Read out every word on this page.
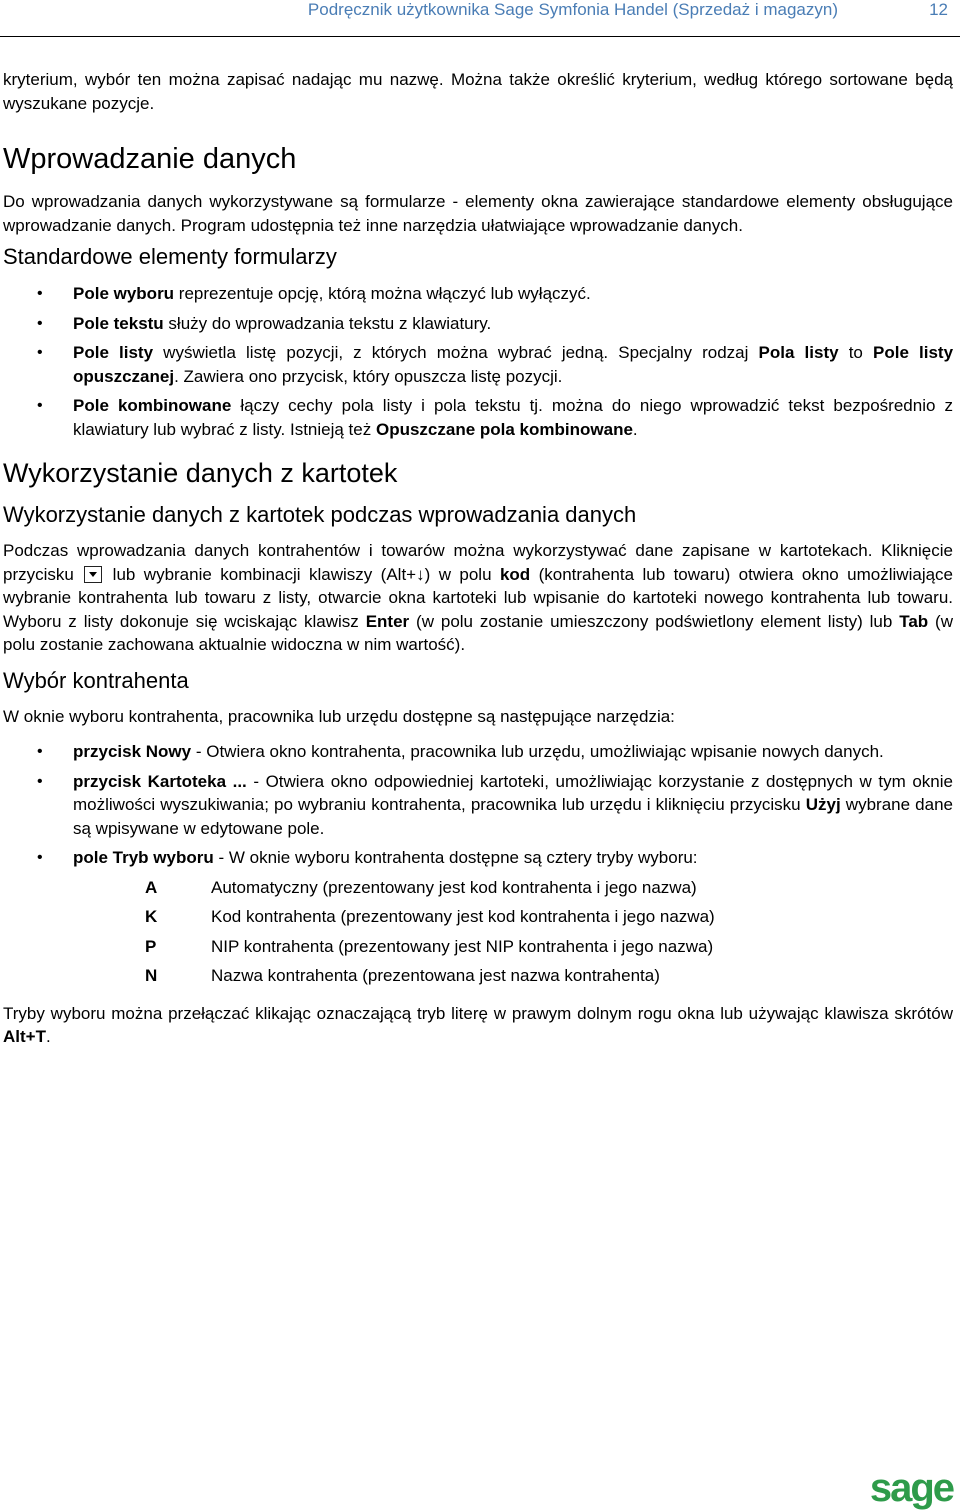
Podręcznik użytkownika Sage Symfonia Handel (Sprzedaż i magazyn)	12

kryterium, wybór ten można zapisać nadając mu nazwę. Można także określić kryterium, według którego sortowane będą wyszukane pozycje.

Wprowadzanie danych

Do wprowadzania danych wykorzystywane są formularze - elementy okna zawierające standardowe elementy obsługujące wprowadzanie danych. Program udostępnia też inne narzędzia ułatwiające wprowadzanie danych.

Standardowe elementy formularzy
• Pole wyboru reprezentuje opcję, którą można włączyć lub wyłączyć.
• Pole tekstu służy do wprowadzania tekstu z klawiatury.
• Pole listy wyświetla listę pozycji, z których można wybrać jedną. Specjalny rodzaj Pola listy to Pole listy opuszczanej. Zawiera ono przycisk, który opuszcza listę pozycji.
• Pole kombinowane łączy cechy pola listy i pola tekstu tj. można do niego wprowadzić tekst bezpośrednio z klawiatury lub wybrać z listy. Istnieją też Opuszczane pola kombinowane.
Wykorzystanie danych z kartotek
Wykorzystanie danych z kartotek podczas wprowadzania danych

Podczas wprowadzania danych kontrahentów i towarów można wykorzystywać dane zapisane w kartotekach. Kliknięcie przycisku  lub wybranie kombinacji klawiszy (Alt+↓) w polu kod (kontrahenta lub towaru) otwiera okno umożliwiające wybranie kontrahenta lub towaru z listy, otwarcie okna kartoteki lub wpisanie do kartoteki nowego kontrahenta lub towaru. Wyboru z listy dokonuje się wciskając klawisz Enter (w polu zostanie umieszczony podświetlony element listy) lub Tab (w polu zostanie zachowana aktualnie widoczna w nim wartość).

Wybór kontrahenta

W oknie wyboru kontrahenta, pracownika lub urzędu dostępne są następujące narzędzia:

• przycisk Nowy - Otwiera okno kontrahenta, pracownika lub urzędu, umożliwiając wpisanie nowych danych.
• przycisk Kartoteka ... - Otwiera okno odpowiedniej kartoteki, umożliwiając korzystanie z dostępnych w tym oknie możliwości wyszukiwania; po wybraniu kontrahenta, pracownika lub urzędu i kliknięciu przycisku Użyj wybrane dane są wpisywane w edytowane pole.
• pole Tryb wyboru - W oknie wyboru kontrahenta dostępne są cztery tryby wyboru:
A	Automatyczny (prezentowany jest kod kontrahenta i jego nazwa)
K	Kod kontrahenta (prezentowany jest kod kontrahenta i jego nazwa)
P	NIP kontrahenta (prezentowany jest NIP kontrahenta i jego nazwa)
N	Nazwa kontrahenta (prezentowana jest nazwa kontrahenta)

Tryby wyboru można przełączać klikając oznaczającą tryb literę w prawym dolnym rogu okna lub używając klawisza skrótów Alt+T.

sage
